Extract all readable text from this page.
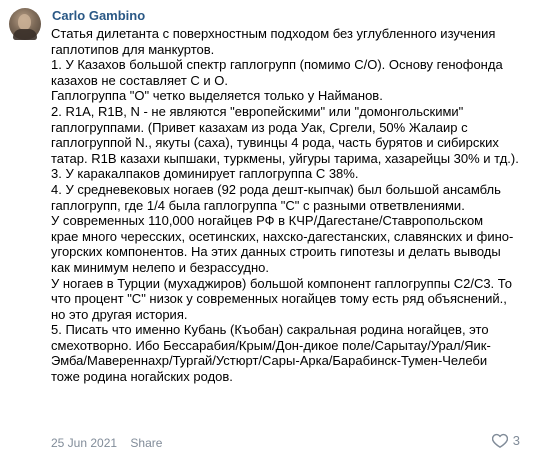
Carlo Gambino
Статья дилетанта с поверхностным подходом без углубленного изучения
гаплотипов для манкуртов.
1. У Казахов большой спектр гаплогрупп (помимо С/О). Основу генофонда
казахов не составляет С и О.
Гаплогруппа "О" четко выделяется только у Найманов.
2. R1A, R1B, N - не являются "европейскими" или "домонгольскими"
гаплогруппами. (Привет казахам из рода Уак, Сргели, 50% Жалаир с
гаплогруппой N., якуты (саха), тувинцы 4 рода, часть бурятов и сибирских
татар. R1B казахи кыпшаки, туркмены, уйгуры тарима, хазарейцы 30% и тд.).
3. У каракалпаков доминирует гаплогруппа С 38%.
4. У средневековых ногаев (92 рода дешт-кыпчак) был большой ансамбль
гаплогрупп, где 1/4 была гаплогруппа "С" с разными ответвлениями.
У современных 110,000 ногайцев РФ в КЧР/Дагестане/Ставропольском
крае много чересских, осетинских, нахско-дагестанских, славянских и фино-
угорских компонентов. На этих данных строить гипотезы и делать выводы
как минимум нелепо и безрассудно.
У ногаев в Турции (мухаджиров) большой компонент гаплогруппы С2/С3. То
что процент "С" низок у современных ногайцев тому есть ряд объяснений.,
но это другая история.
5. Писать что именно Кубань (Къобан) сакральная родина ногайцев, это
смехотворно. Ибо Бессарабия/Крым/Дон-дикое поле/Сарытау/Урал/Яик-
Эмба/Мавереннахр/Тургай/Устюрт/Сары-Арка/Барабинск-Тумен-Челеби
тоже родина ногайских родов.
25 Jun 2021 Share	3
